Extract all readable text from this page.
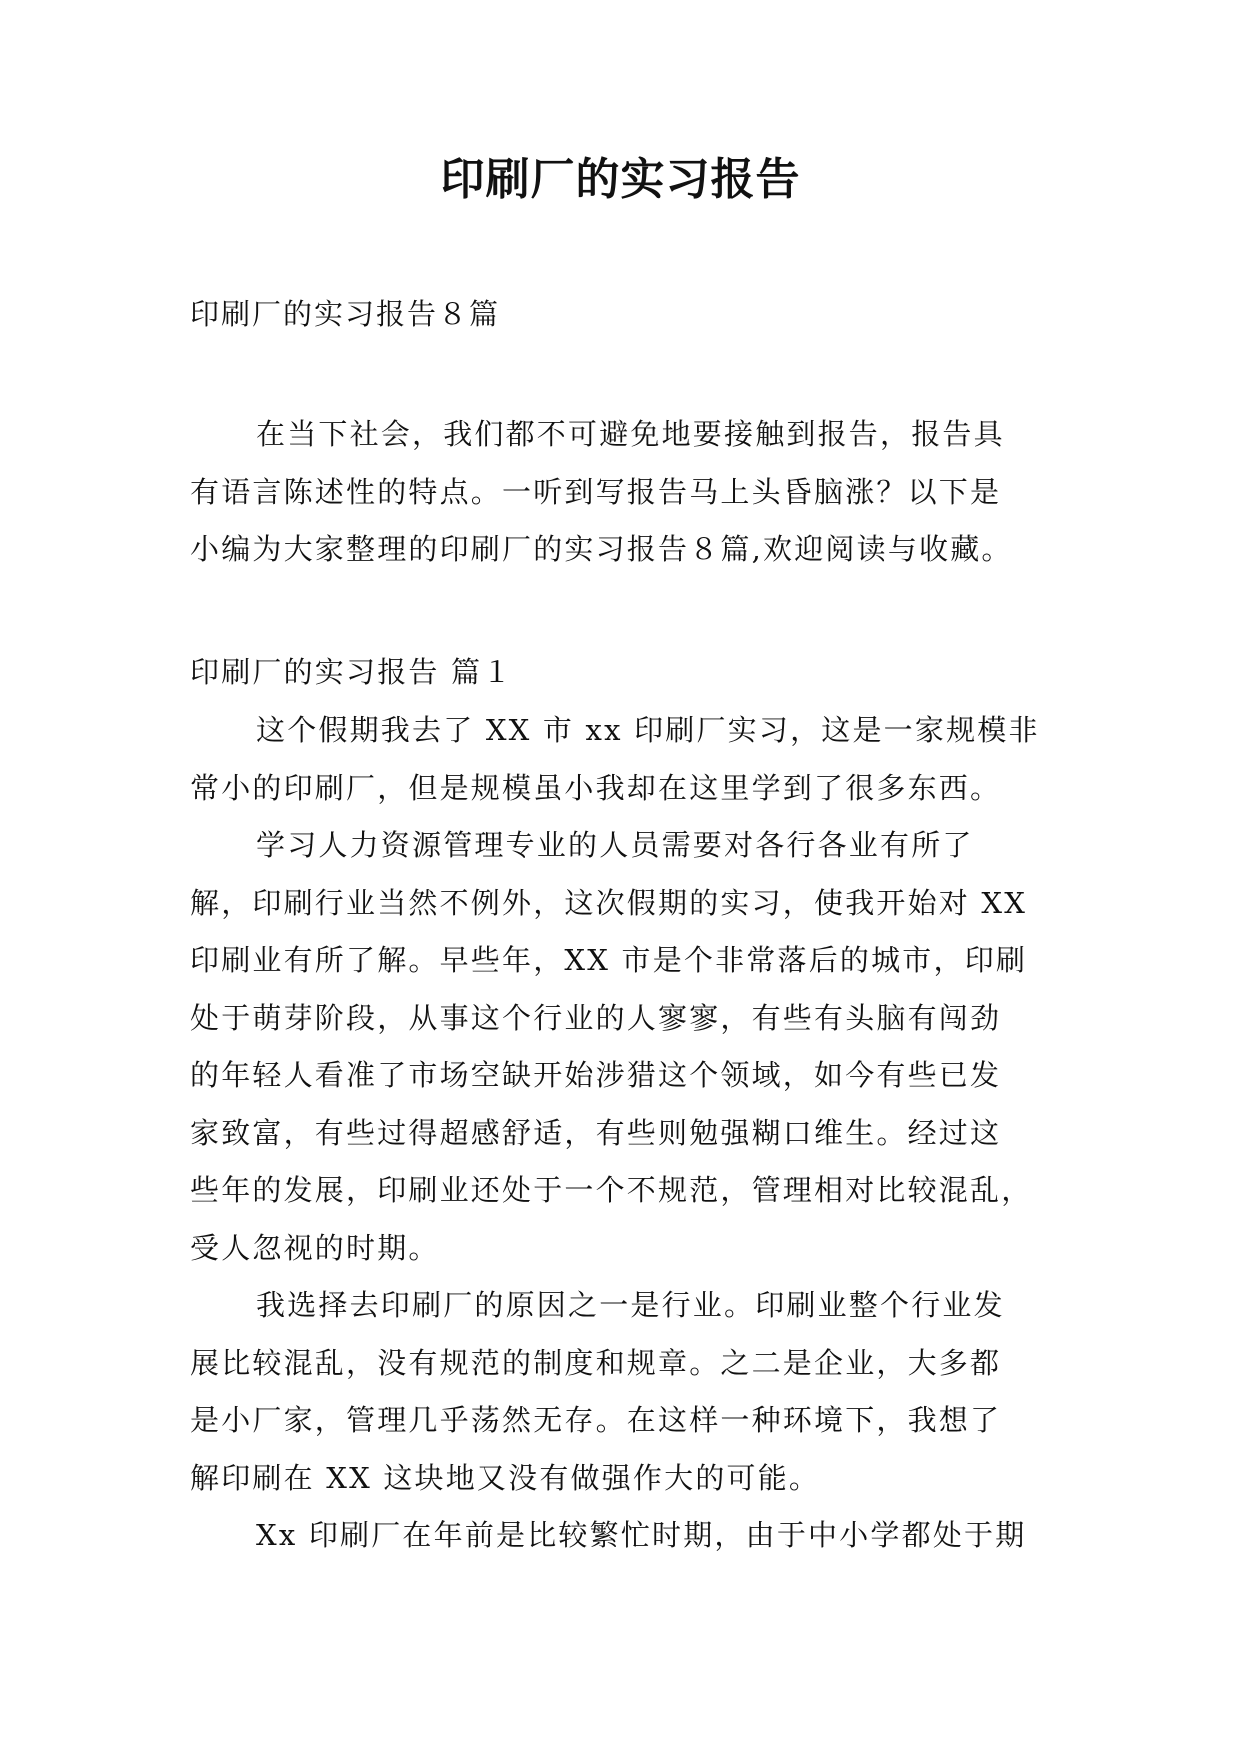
印刷厂的实习报告

印刷厂的实习报告８篇

在当下社会，我们都不可避免地要接触到报告，报告具
有语言陈述性的特点。一听到写报告马上头昏脑涨？以下是
小编为大家整理的印刷厂的实习报告８篇,欢迎阅读与收藏。
印刷厂的实习报告 篇１
这个假期我去了 XX 市 xx 印刷厂实习，这是一家规模非
常小的印刷厂，但是规模虽小我却在这里学到了很多东西。
学习人力资源管理专业的人员需要对各行各业有所了
解，印刷行业当然不例外，这次假期的实习，使我开始对 XX
印刷业有所了解。早些年，XX 市是个非常落后的城市，印刷
处于萌芽阶段，从事这个行业的人寥寥，有些有头脑有闯劲
的年轻人看准了市场空缺开始涉猎这个领域，如今有些已发
家致富，有些过得超感舒适，有些则勉强糊口维生。经过这
些年的发展，印刷业还处于一个不规范，管理相对比较混乱，
受人忽视的时期。
我选择去印刷厂的原因之一是行业。印刷业整个行业发
展比较混乱，没有规范的制度和规章。之二是企业，大多都
是小厂家，管理几乎荡然无存。在这样一种环境下，我想了
解印刷在 XX 这块地又没有做强作大的可能。
Xx 印刷厂在年前是比较繁忙时期，由于中小学都处于期
